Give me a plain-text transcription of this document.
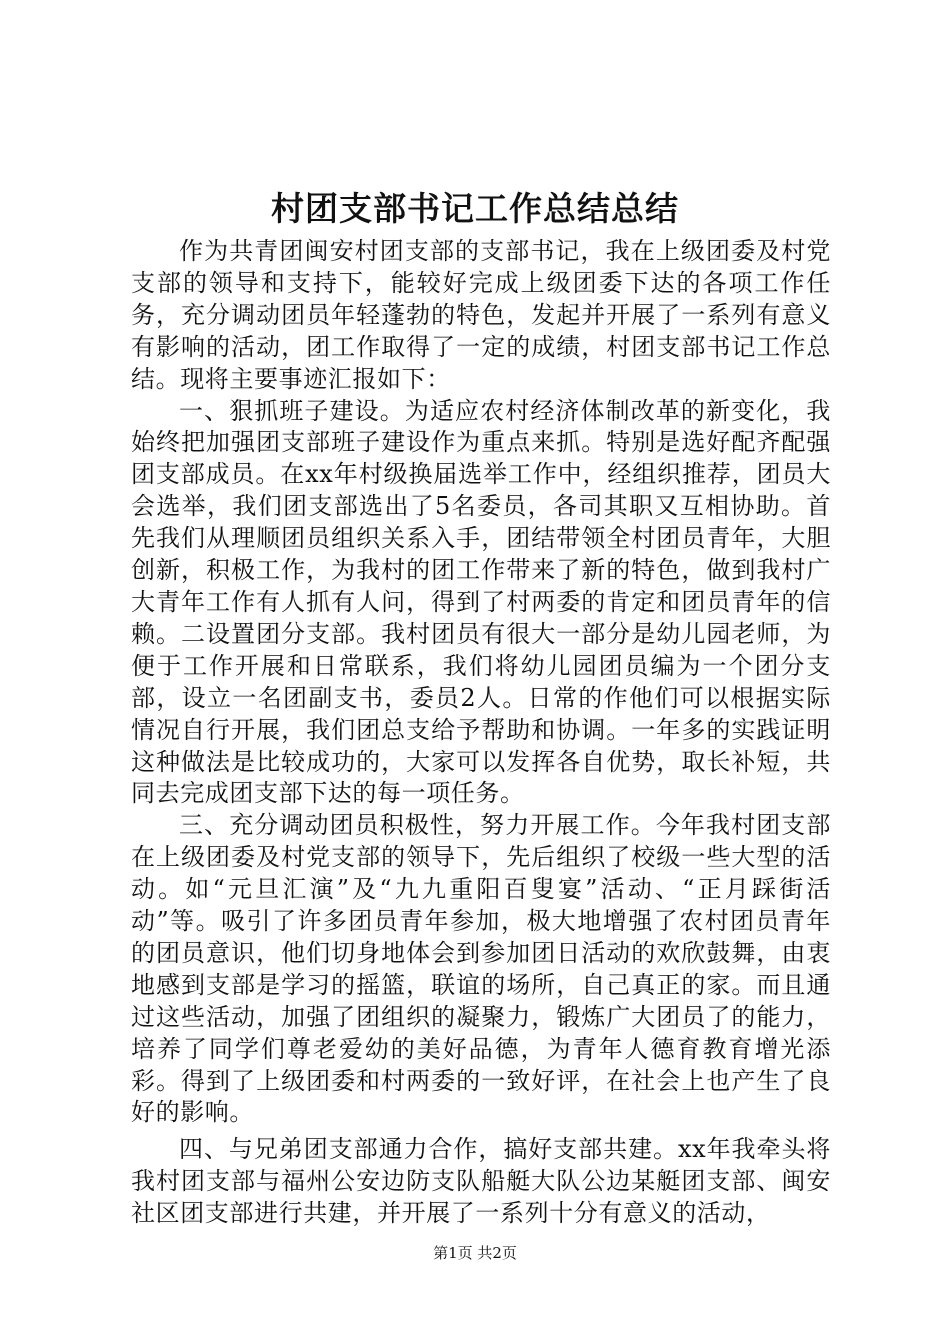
村团支部书记工作总结总结

作为共青团闽安村团支部的支部书记，我在上级团委及村党支部的领导和支持下，能较好完成上级团委下达的各项工作任务，充分调动团员年轻蓬勃的特色，发起并开展了一系列有意义有影响的活动，团工作取得了一定的成绩，村团支部书记工作总结。现将主要事迹汇报如下：

一、狠抓班子建设。为适应农村经济体制改革的新变化，我始终把加强团支部班子建设作为重点来抓。特别是选好配齐配强团支部成员。在xx年村级换届选举工作中，经组织推荐，团员大会选举，我们团支部选出了5名委员，各司其职又互相协助。首先我们从理顺团员组织关系入手，团结带领全村团员青年，大胆创新，积极工作，为我村的团工作带来了新的特色，做到我村广大青年工作有人抓有人问，得到了村两委的肯定和团员青年的信赖。二设置团分支部。我村团员有很大一部分是幼儿园老师，为便于工作开展和日常联系，我们将幼儿园团员编为一个团分支部，设立一名团副支书，委员2人。日常的作他们可以根据实际情况自行开展，我们团总支给予帮助和协调。一年多的实践证明这种做法是比较成功的，大家可以发挥各自优势，取长补短，共同去完成团支部下达的每一项任务。

三、充分调动团员积极性，努力开展工作。今年我村团支部在上级团委及村党支部的领导下，先后组织了校级一些大型的活动。如“元旦汇演”及“九九重阳百叟宴”活动、“正月踩街活动”等。吸引了许多团员青年参加，极大地增强了农村团员青年的团员意识，他们切身地体会到参加团日活动的欢欣鼓舞，由衷地感到支部是学习的摇篮，联谊的场所，自己真正的家。而且通过这些活动，加强了团组织的凝聚力，锻炼广大团员了的能力，培养了同学们尊老爱幼的美好品德，为青年人德育教育增光添彩。得到了上级团委和村两委的一致好评，在社会上也产生了良好的影响。

四、与兄弟团支部通力合作，搞好支部共建。xx年我牵头将我村团支部与福州公安边防支队船艇大队公边某艇团支部、闽安社区团支部进行共建，并开展了一系列十分有意义的活动，

第1页 共2页
